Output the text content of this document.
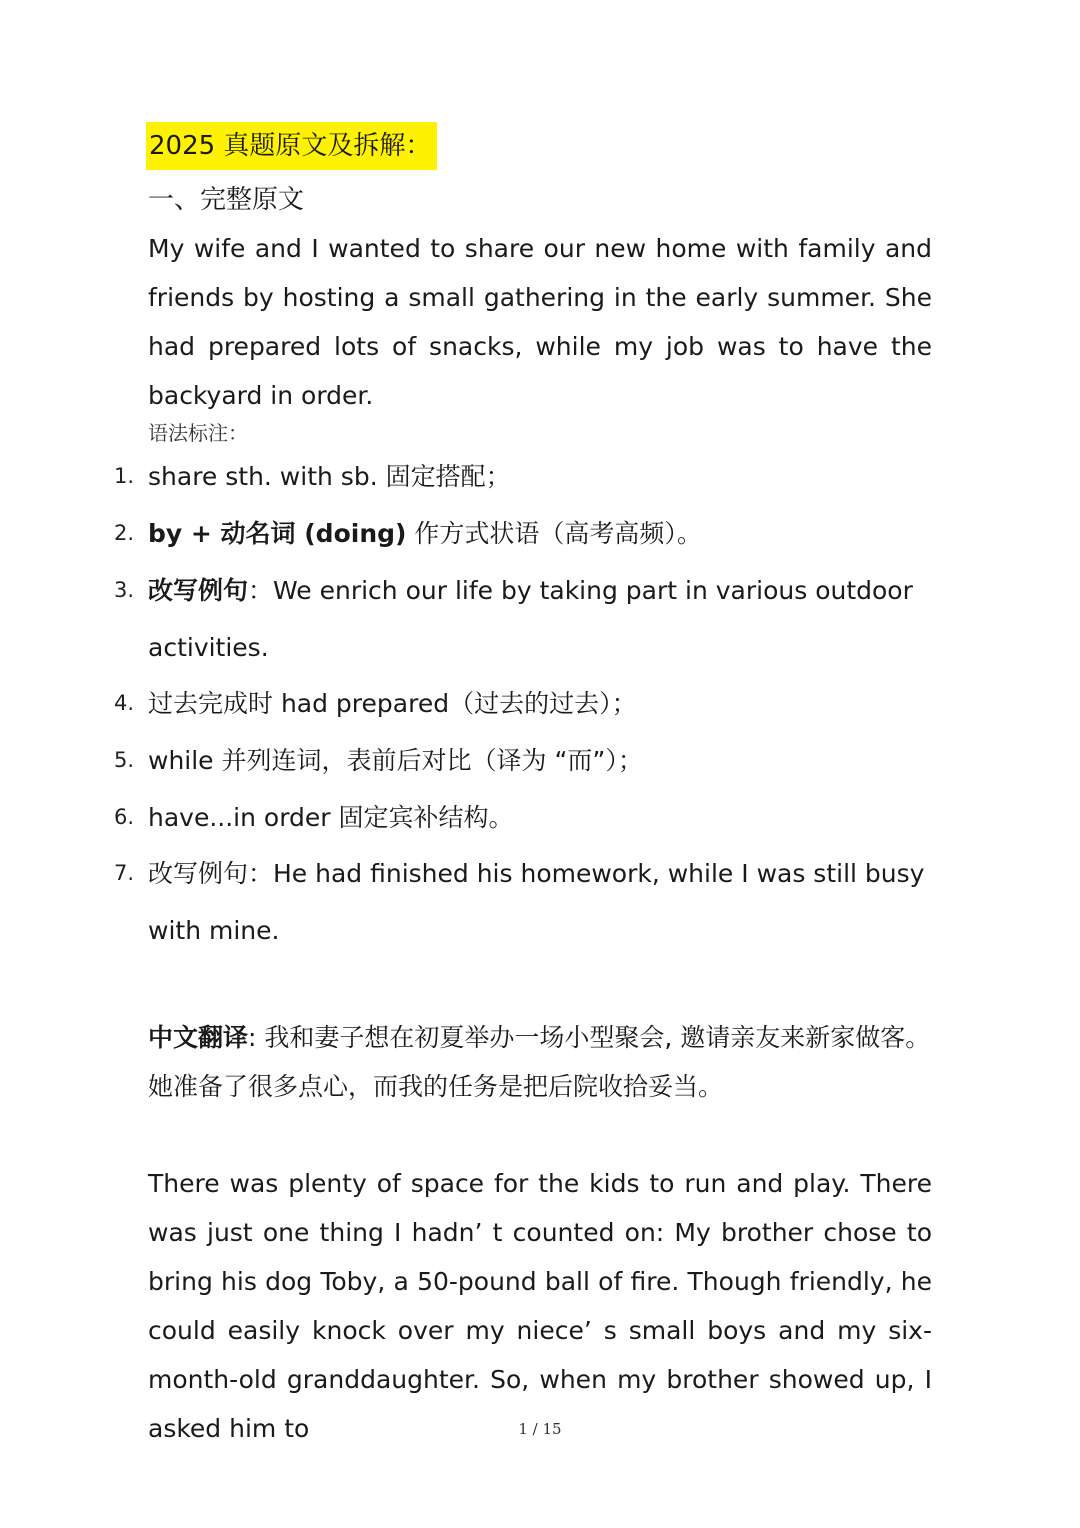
2025 真题原文及拆解：
一、完整原文
My wife and I wanted to share our new home with family and friends by hosting a small gathering in the early summer. She had prepared lots of snacks, while my job was to have the backyard in order.
语法标注：
1. share sth. with sb. 固定搭配；
2. by + 动名词 (doing) 作方式状语（高考高频）。
3. 改写例句：We enrich our life by taking part in various outdoor activities.
4. 过去完成时 had prepared（过去的过去）；
5. while 并列连词，表前后对比（译为 “而”）；
6. have...in order 固定宾补结构。
7. 改写例句：He had finished his homework, while I was still busy with mine.
中文翻译: 我和妻子想在初夏举办一场小型聚会, 邀请亲友来新家做客。她准备了很多点心，而我的任务是把后院收拾妥当。
There was plenty of space for the kids to run and play. There was just one thing I hadn’ t counted on: My brother chose to bring his dog Toby, a 50-pound ball of fire. Though friendly, he could easily knock over my niece’ s small boys and my six-month-old granddaughter. So, when my brother showed up, I asked him to	1 / 15
